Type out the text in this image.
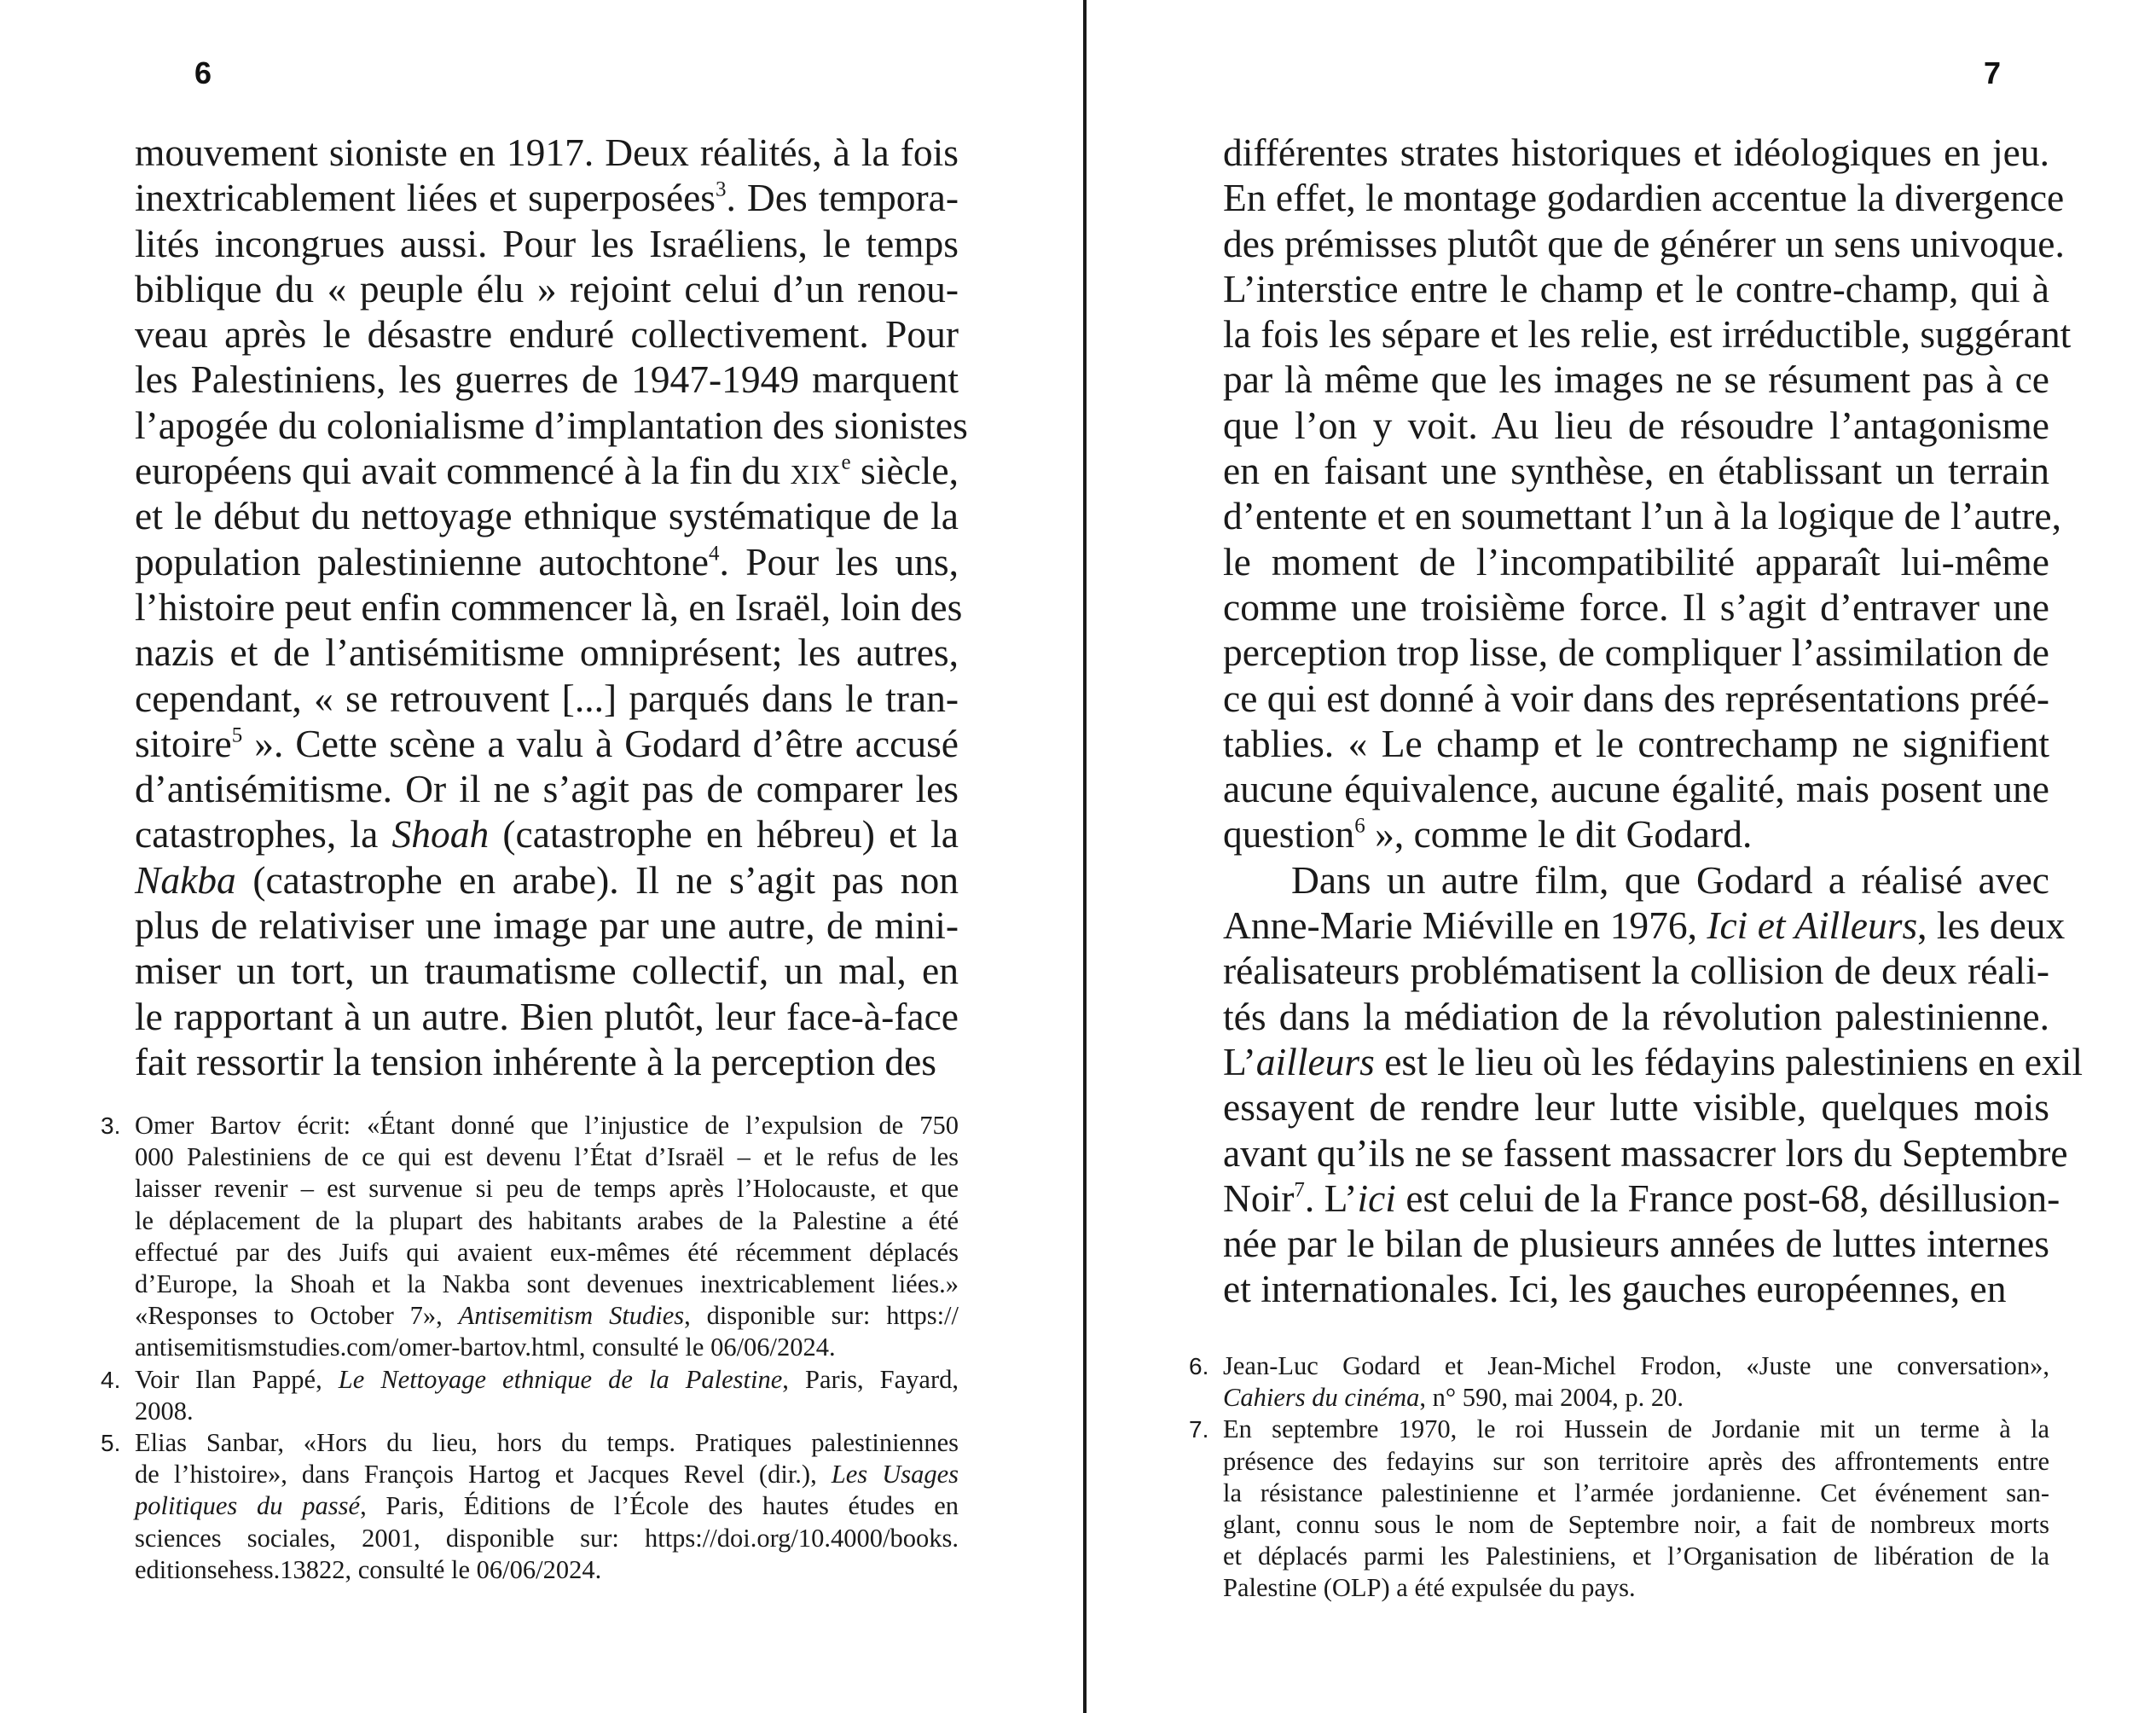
6
mouvement sioniste en 1917. Deux réalités, à la fois
inextricablement liées et superposées$^3$. Des tempora-
lités incongrues aussi. Pour les Israéliens, le temps
biblique du « peuple élu » rejoint celui d’un renou-
veau après le désastre enduré collectivement. Pour
les Palestiniens, les guerres de 1947-1949 marquent
l’apogée du colonialisme d’implantation des sionistes
européens qui avait commencé à la fin du xix$^e$ siècle,
et le début du nettoyage ethnique systématique de la
population palestinienne autochtone$^4$. Pour les uns,
l’histoire peut enfin commencer là, en Israël, loin des
nazis et de l’antisémitisme omniprésent; les autres,
cependant, « se retrouvent [...] parqués dans le tran-
sitoire$^5$ ». Cette scène a valu à Godard d’être accusé
d’antisémitisme. Or il ne s’agit pas de comparer les
catastrophes, la Shoah (catastrophe en hébreu) et la
Nakba (catastrophe en arabe). Il ne s’agit pas non
plus de relativiser une image par une autre, de mini-
miser un tort, un traumatisme collectif, un mal, en
le rapportant à un autre. Bien plutôt, leur face-à-face
fait ressortir la tension inhérente à la perception des
3. Omer Bartov écrit: «Étant donné que l’injustice de l’expulsion de 750
000 Palestiniens de ce qui est devenu l’État d’Israël – et le refus de les
laisser revenir – est survenue si peu de temps après l’Holocauste, et que
le déplacement de la plupart des habitants arabes de la Palestine a été
effectué par des Juifs qui avaient eux-mêmes été récemment déplacés
d’Europe, la Shoah et la Nakba sont devenues inextricablement liées.»
«Responses to October 7», Antisemitism Studies, disponible sur: https://
antisemitismstudies.com/omer-bartov.html, consulté le 06/06/2024.
4. Voir Ilan Pappé, Le Nettoyage ethnique de la Palestine, Paris, Fayard,
2008.
5. Elias Sanbar, «Hors du lieu, hors du temps. Pratiques palestiniennes
de l’histoire», dans François Hartog et Jacques Revel (dir.), Les Usages
politiques du passé, Paris, Éditions de l’École des hautes études en
sciences sociales, 2001, disponible sur: https://doi.org/10.4000/books.
editionsehess.13822, consulté le 06/06/2024.
7
différentes strates historiques et idéologiques en jeu.
En effet, le montage godardien accentue la divergence
des prémisses plutôt que de générer un sens univoque.
L’interstice entre le champ et le contre-champ, qui à
la fois les sépare et les relie, est irréductible, suggérant
par là même que les images ne se résument pas à ce
que l’on y voit. Au lieu de résoudre l’antagonisme
en en faisant une synthèse, en établissant un terrain
d’entente et en soumettant l’un à la logique de l’autre,
le moment de l’incompatibilité apparaît lui-même
comme une troisième force. Il s’agit d’entraver une
perception trop lisse, de compliquer l’assimilation de
ce qui est donné à voir dans des représentations préé-
tablies. « Le champ et le contrechamp ne signifient
aucune équivalence, aucune égalité, mais posent une
question$^6$ », comme le dit Godard.
Dans un autre film, que Godard a réalisé avec
Anne-Marie Miéville en 1976, Ici et Ailleurs, les deux
réalisateurs problématisent la collision de deux réali-
tés dans la médiation de la révolution palestinienne.
L’ailleurs est le lieu où les fédayins palestiniens en exil
essayent de rendre leur lutte visible, quelques mois
avant qu’ils ne se fassent massacrer lors du Septembre
Noir$^7$. L’ici est celui de la France post-68, désillusion-
née par le bilan de plusieurs années de luttes internes
et internationales. Ici, les gauches européennes, en
6. Jean-Luc Godard et Jean-Michel Frodon, «Juste une conversation»,
Cahiers du cinéma, n° 590, mai 2004, p. 20.
7. En septembre 1970, le roi Hussein de Jordanie mit un terme à la
présence des fedayins sur son territoire après des affrontements entre
la résistance palestinienne et l’armée jordanienne. Cet événement san-
glant, connu sous le nom de Septembre noir, a fait de nombreux morts
et déplacés parmi les Palestiniens, et l’Organisation de libération de la
Palestine (OLP) a été expulsée du pays.
